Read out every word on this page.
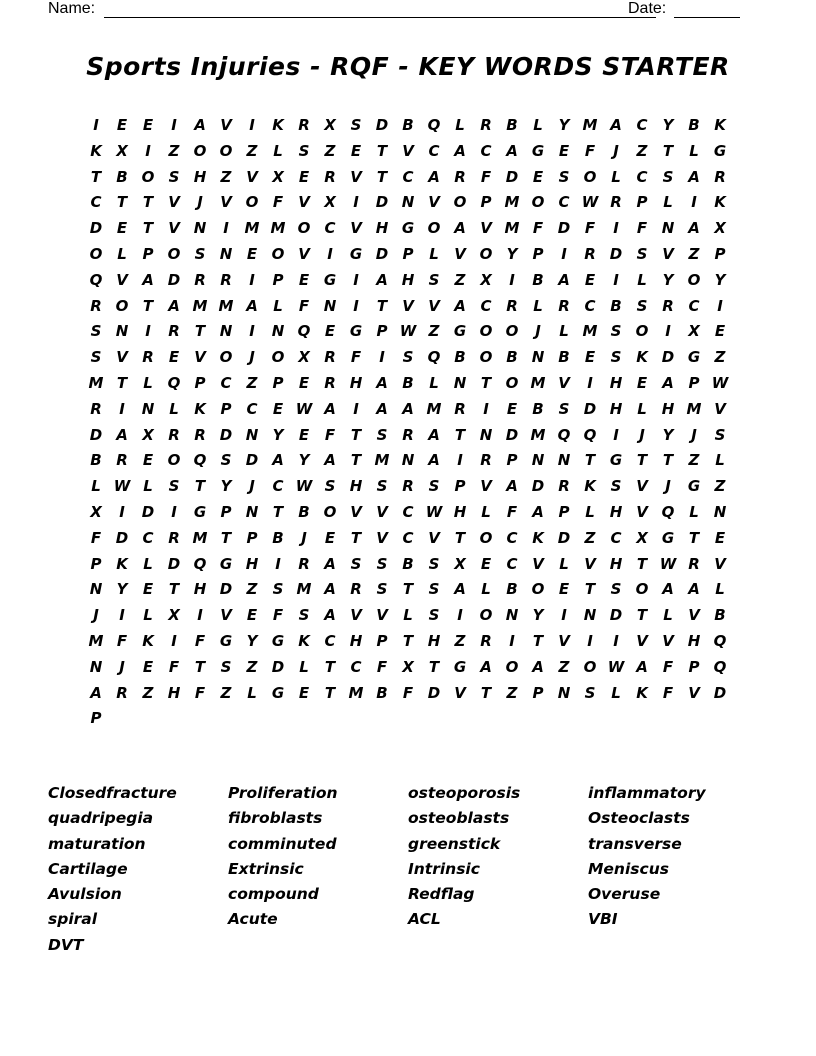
Name:	Date:
Sports Injuries - RQF - KEY WORDS STARTER
I	E	E	I	A V	I	K R X S D B Q L	R B	L	Y M A C	Y B K
K X	I	Z O O Z	L	S	Z	E	T	V C A C A G E	F	J	Z	T	L	G
T	B O S H Z V X	E	R V	T	C A R	F D E	S O L	C	S A R
C	T	T	V	J	V O F	V X	I	D N V O P M O C W R P	L	I	K
D E	T	V N	I	M M O C V H G O A V M F D F	I	F N A X
O L	P O S N E O V	I	G D P	L	V O Y	P	I	R D S V Z	P
Q V A D R R	I	P	E G	I	A H S	Z X	I	B A	E	I	L	Y O Y
R O T	A M M A	L	F N	I	T	V V A C R	L	R C B S R C	I
S N	I	R	T N	I	N Q E G P W Z G O O	J	L M S O	I	X	E
S V R	E	V O	J	O X R	F	I	S Q B O B N B	E	S K D G Z
M T	L Q P C	Z	P	E	R H A B	L N T O M V	I	H E	A P W
R	I	N L	K P C	E W A	I	A A M R	I	E	B S D H L H M V
D A X R R D N Y	E	F	T	S R A	T N D M Q Q	I	J	Y	J	S
B R	E O Q S D A Y A	T M N A	I	R P N N T G T	T	Z	L
L W L	S	T	Y	J	C W S H S R S	P V A D R K S V	J	G Z
X	I	D	I	G P N T	B O V V C W H L	F	A P	L H V Q L N
F D C R M T	P B	J	E	T	V C V	T O C K D Z	C X G T	E
P K	L D Q G H	I	R A S	S B S X	E	C V	L	V H T W R V
N Y	E	T H D Z	S M A R S	T	S A	L	B O E	T	S O A A	L
J	I	L	X	I	V	E	F	S A V V	L	S	I	O N Y	I	N D T	L	V B
M F	K	I	F G Y G K C H P	T H Z R	I	T	V	I	I	V V H Q
N	J	E	F	T	S	Z D	L	T	C	F	X	T G A O A Z O W A	F	P Q
A R Z H F	Z	L	G E	T M B	F D V	T	Z	P N S	L	K	F	V D
P
Closedfracture	Proliferation	osteoporosis	inflammatory
quadripegia	fibroblasts	osteoblasts	Osteoclasts
maturation	comminuted	greenstick	transverse
Cartilage	Extrinsic	Intrinsic	Meniscus
Avulsion	compound	Redflag	Overuse
spiral	Acute	ACL	VBI
DVT
